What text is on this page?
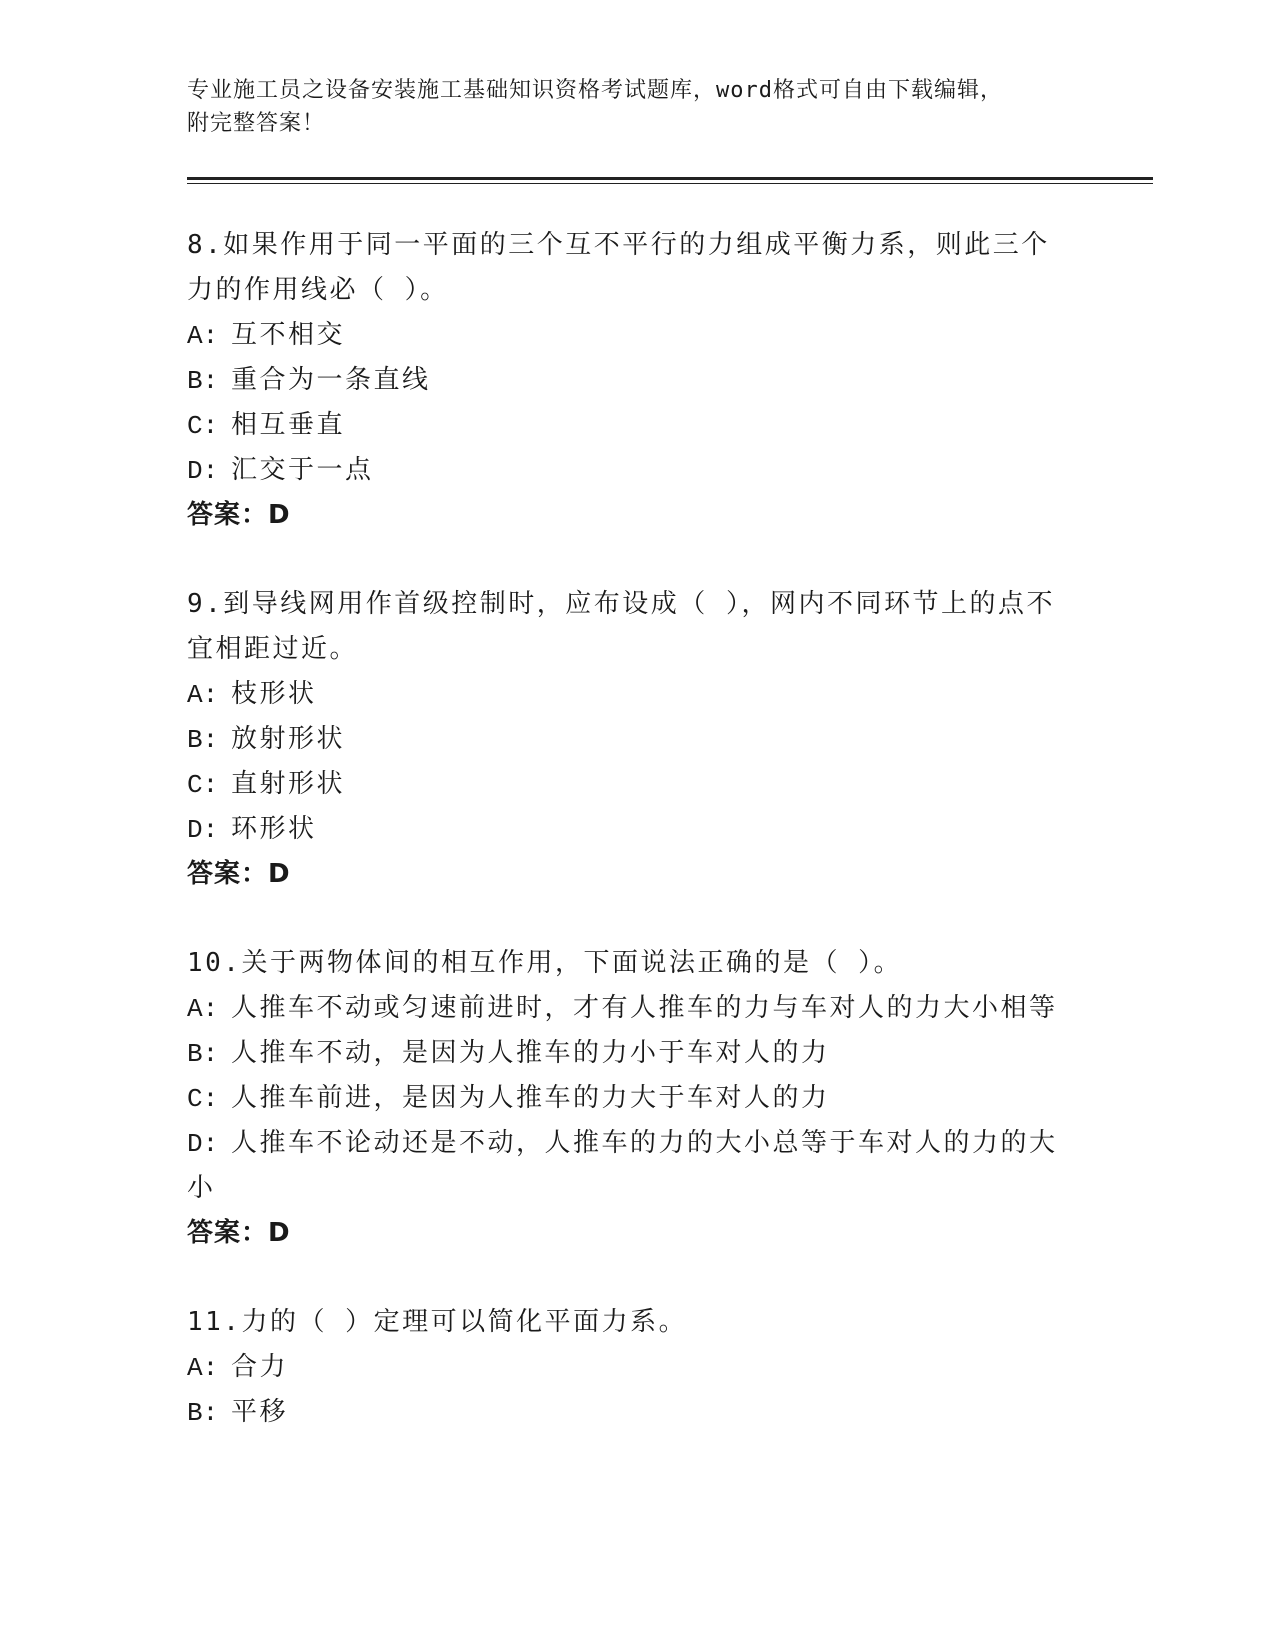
专业施工员之设备安装施工基础知识资格考试题库，word格式可自由下载编辑，
附完整答案！
8.如果作用于同一平面的三个互不平行的力组成平衡力系，则此三个
力的作用线必（ ）。
A: 互不相交
B: 重合为一条直线
C: 相互垂直
D: 汇交于一点
答案：D
9.到导线网用作首级控制时，应布设成（ ），网内不同环节上的点不
宜相距过近。
A: 枝形状
B: 放射形状
C: 直射形状
D: 环形状
答案：D
10.关于两物体间的相互作用，下面说法正确的是（ ）。
A: 人推车不动或匀速前进时，才有人推车的力与车对人的力大小相等
B: 人推车不动，是因为人推车的力小于车对人的力
C: 人推车前进，是因为人推车的力大于车对人的力
D: 人推车不论动还是不动，人推车的力的大小总等于车对人的力的大
小
答案：D
11.力的（ ）定理可以简化平面力系。
A: 合力
B: 平移
